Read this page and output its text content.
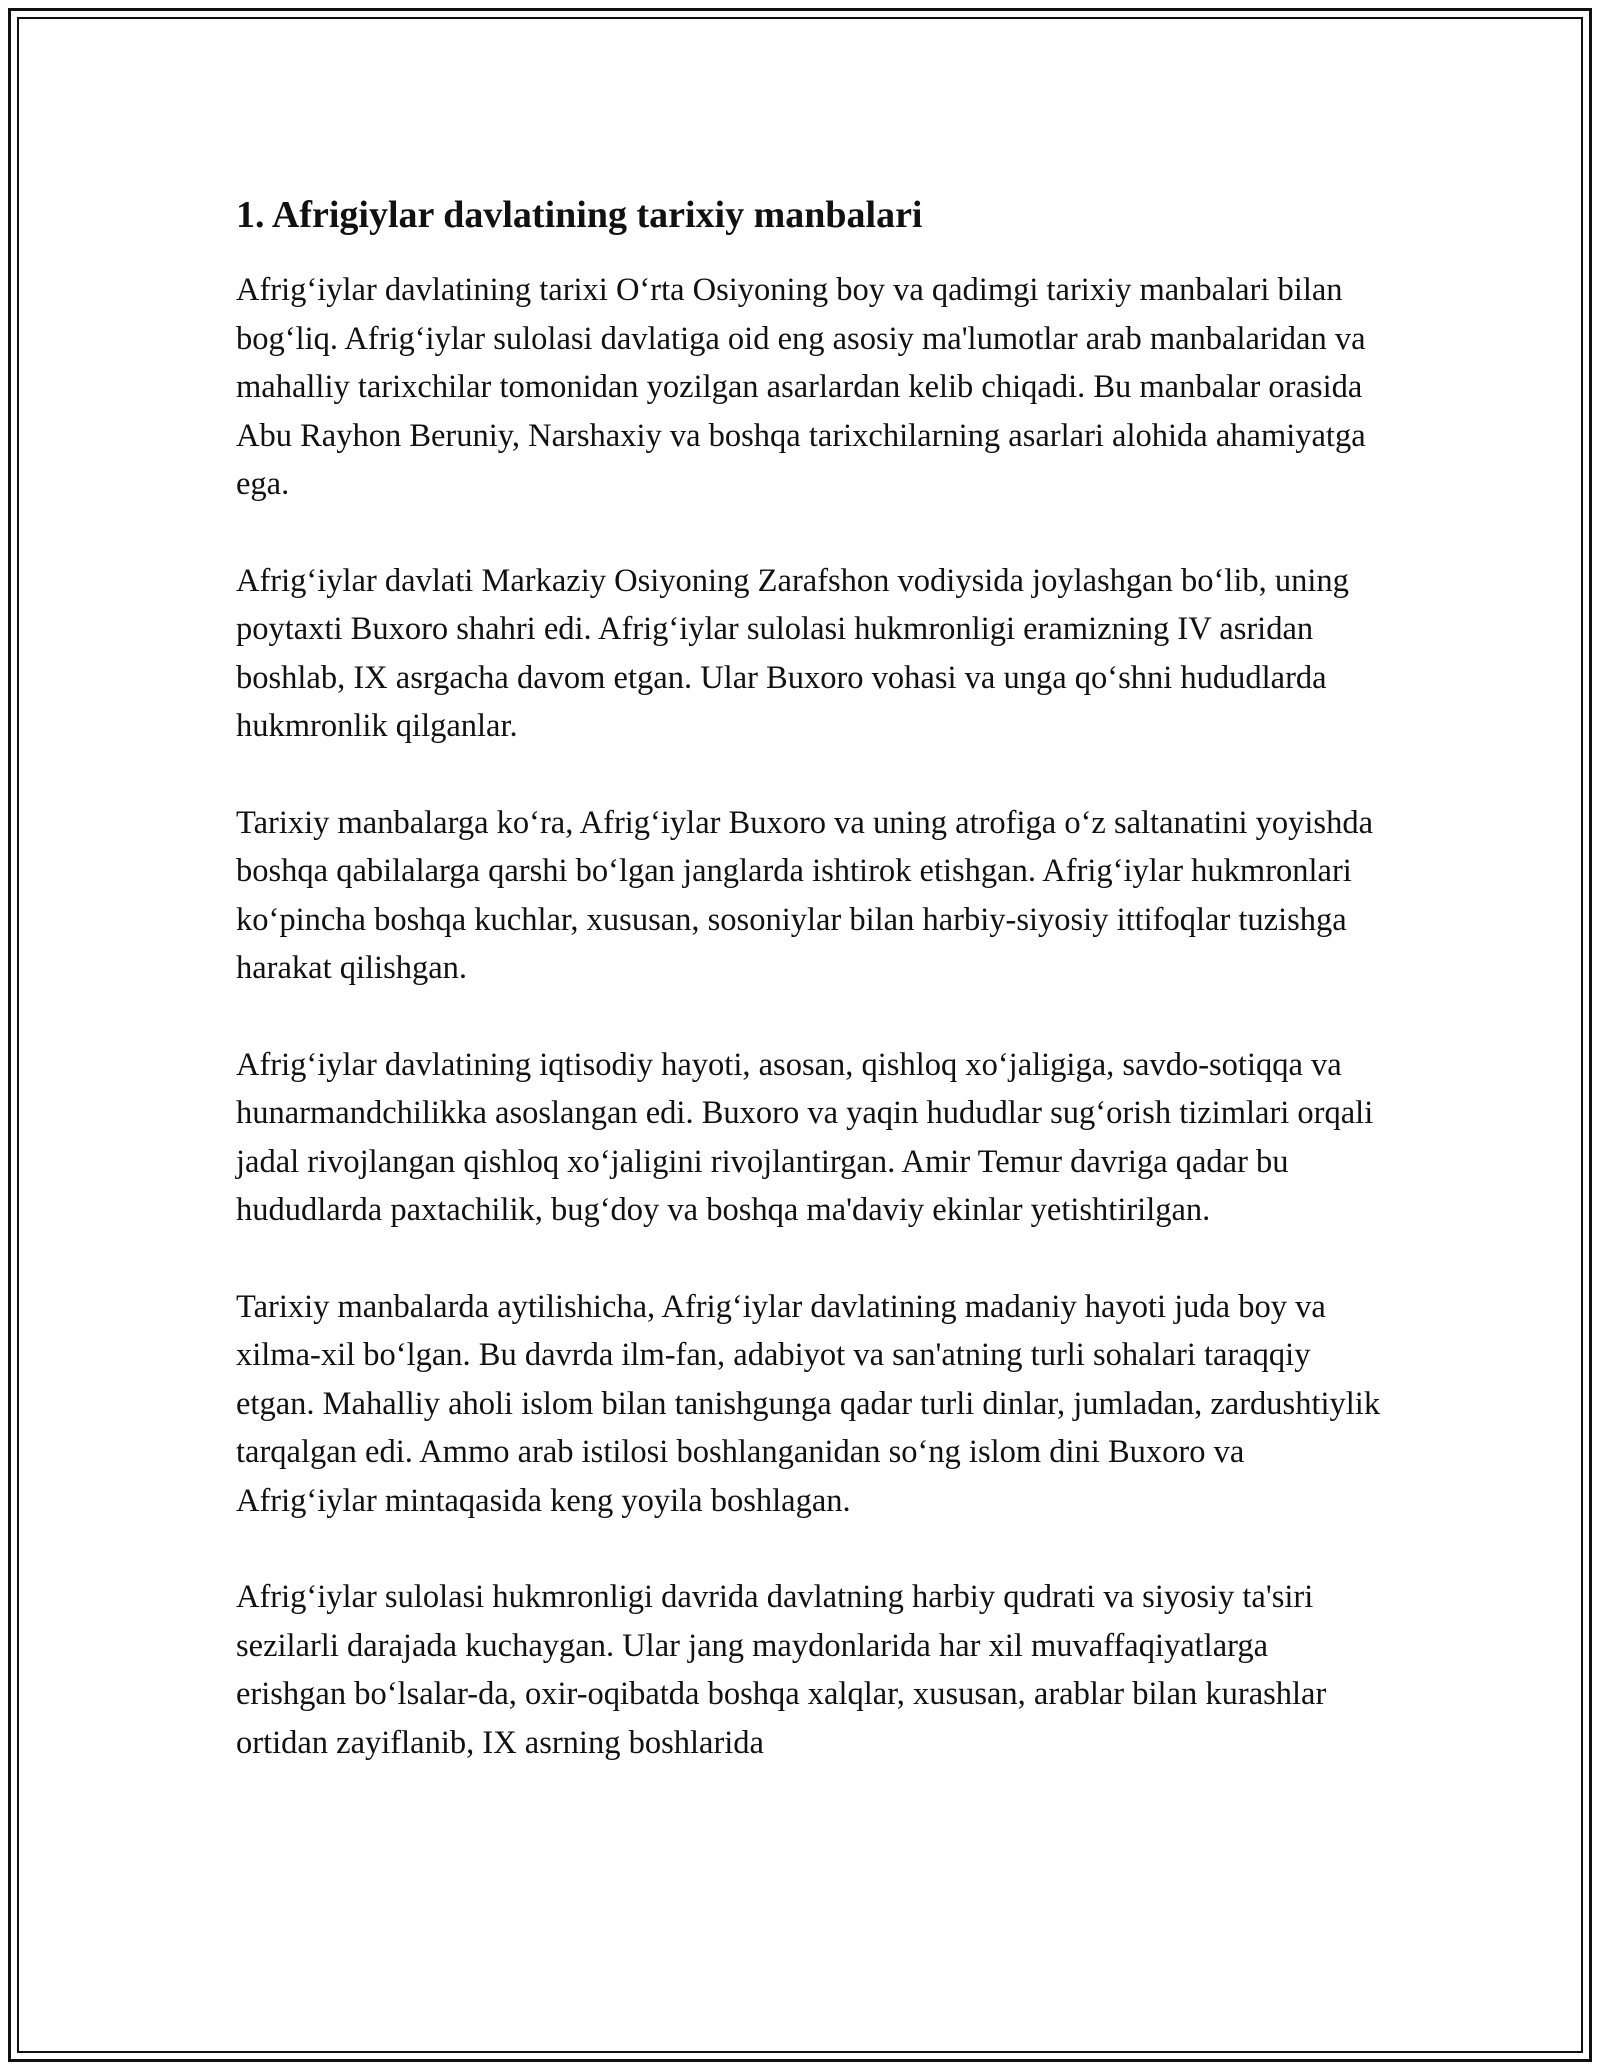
1. Afrigiylar davlatining tarixiy manbalari

Afrig‘iylar davlatining tarixi O‘rta Osiyoning boy va qadimgi tarixiy manbalari bilan bog‘liq. Afrig‘iylar sulolasi davlatiga oid eng asosiy ma'lumotlar arab manbalaridan va mahalliy tarixchilar tomonidan yozilgan asarlardan kelib chiqadi. Bu manbalar orasida Abu Rayhon Beruniy, Narshaxiy va boshqa tarixchilarning asarlari alohida ahamiyatga ega.

Afrig‘iylar davlati Markaziy Osiyoning Zarafshon vodiysida joylashgan bo‘lib, uning poytaxti Buxoro shahri edi. Afrig‘iylar sulolasi hukmronligi eramizning IV asridan boshlab, IX asrgacha davom etgan. Ular Buxoro vohasi va unga qo‘shni hududlarda hukmronlik qilganlar.

Tarixiy manbalarga ko‘ra, Afrig‘iylar Buxoro va uning atrofiga o‘z saltanatini yoyishda boshqa qabilalarga qarshi bo‘lgan janglarda ishtirok etishgan. Afrig‘iylar hukmronlari ko‘pincha boshqa kuchlar, xususan, sosoniylar bilan harbiy-siyosiy ittifoqlar tuzishga harakat qilishgan.

Afrig‘iylar davlatining iqtisodiy hayoti, asosan, qishloq xo‘jaligiga, savdo-sotiqqa va hunarmandchilikka asoslangan edi. Buxoro va yaqin hududlar sug‘orish tizimlari orqali jadal rivojlangan qishloq xo‘jaligini rivojlantirgan. Amir Temur davriga qadar bu hududlarda paxtachilik, bug‘doy va boshqa ma'daviy ekinlar yetishtirilgan.

Tarixiy manbalarda aytilishicha, Afrig‘iylar davlatining madaniy hayoti juda boy va xilma-xil bo‘lgan. Bu davrda ilm-fan, adabiyot va san'atning turli sohalari taraqqiy etgan. Mahalliy aholi islom bilan tanishgunga qadar turli dinlar, jumladan, zardushtiylik tarqalgan edi. Ammo arab istilosi boshlanganidan so‘ng islom dini Buxoro va Afrig‘iylar mintaqasida keng yoyila boshlagan.

Afrig‘iylar sulolasi hukmronligi davrida davlatning harbiy qudrati va siyosiy ta'siri sezilarli darajada kuchaygan. Ular jang maydonlarida har xil muvaffaqiyatlarga erishgan bo‘lsalar-da, oxir-oqibatda boshqa xalqlar, xususan, arablar bilan kurashlar ortidan zayiflanib, IX asrning boshlarida
